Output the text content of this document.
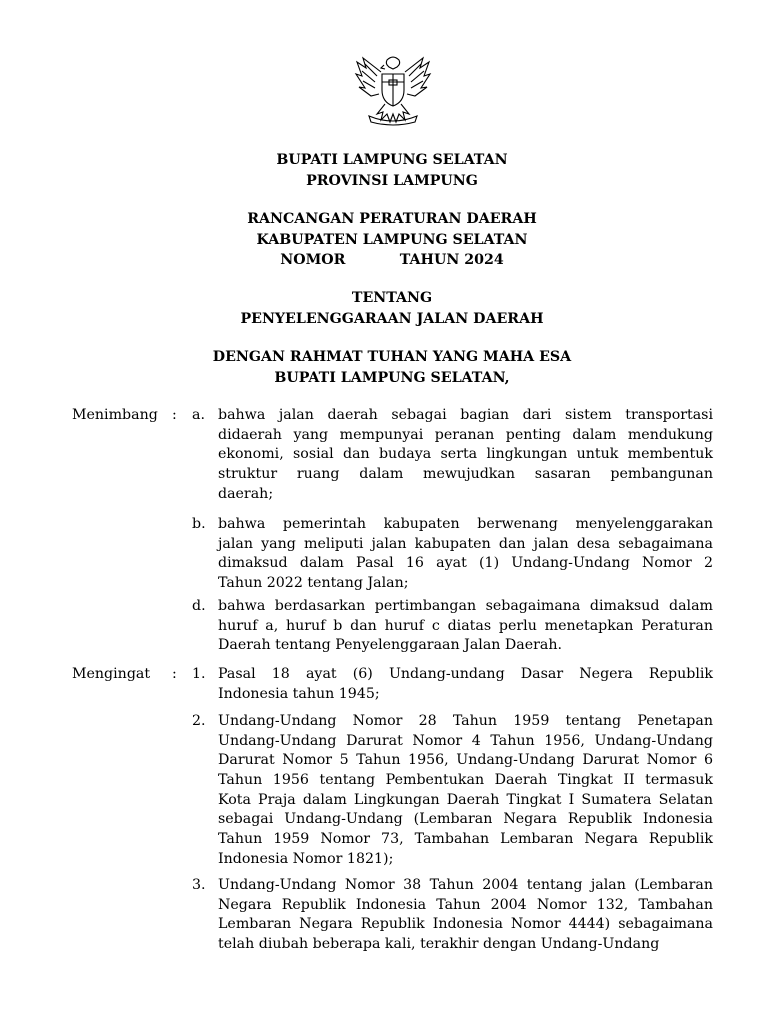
BUPATI LAMPUNG SELATAN
PROVINSI LAMPUNG
RANCANGAN PERATURAN DAERAH
KABUPATEN LAMPUNG SELATAN
NOMOR           TAHUN 2024
TENTANG
PENYELENGGARAAN JALAN DAERAH
DENGAN RAHMAT TUHAN YANG MAHA ESA
BUPATI LAMPUNG SELATAN,
Menimbang : a. bahwa jalan daerah sebagai bagian dari sistem transportasi
didaerah yang mempunyai peranan penting dalam mendukung
ekonomi, sosial dan budaya serta lingkungan untuk membentuk
struktur ruang dalam mewujudkan sasaran pembangunan
daerah;
b. bahwa pemerintah kabupaten berwenang menyelenggarakan
jalan yang meliputi jalan kabupaten dan jalan desa sebagaimana
dimaksud dalam Pasal 16 ayat (1) Undang-Undang Nomor 2
Tahun 2022 tentang Jalan;
d. bahwa berdasarkan pertimbangan sebagaimana dimaksud dalam
huruf a, huruf b dan huruf c diatas perlu menetapkan Peraturan
Daerah tentang Penyelenggaraan Jalan Daerah.
Mengingat : 1. Pasal 18 ayat (6) Undang-undang Dasar Negera Republik
Indonesia tahun 1945;
2. Undang-Undang Nomor 28 Tahun 1959 tentang Penetapan
Undang-Undang Darurat Nomor 4 Tahun 1956, Undang-Undang
Darurat Nomor 5 Tahun 1956, Undang-Undang Darurat Nomor 6
Tahun 1956 tentang Pembentukan Daerah Tingkat II termasuk
Kota Praja dalam Lingkungan Daerah Tingkat I Sumatera Selatan
sebagai Undang-Undang (Lembaran Negara Republik Indonesia
Tahun 1959 Nomor 73, Tambahan Lembaran Negara Republik
Indonesia Nomor 1821);
3. Undang-Undang Nomor 38 Tahun 2004 tentang jalan (Lembaran
Negara Republik Indonesia Tahun 2004 Nomor 132, Tambahan
Lembaran Negara Republik Indonesia Nomor 4444) sebagaimana
telah diubah beberapa kali, terakhir dengan Undang-Undang
